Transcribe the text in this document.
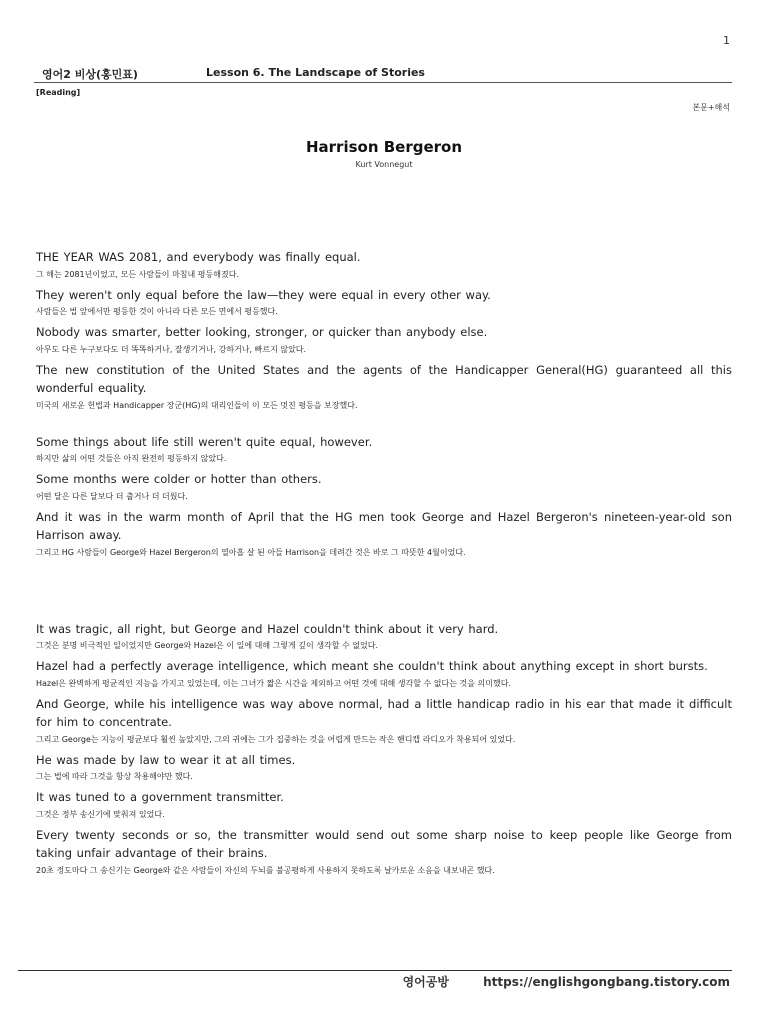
1
영어2 비상(홍민표)	Lesson 6. The Landscape of Stories
[Reading]
본문+해석
Harrison Bergeron
Kurt Vonnegut
THE YEAR WAS 2081, and everybody was finally equal.
그 해는 2081년이었고, 모든 사람들이 마침내 평등해졌다.
They weren't only equal before the law—they were equal in every other way.
사람들은 법 앞에서만 평등한 것이 아니라 다른 모든 면에서 평등했다.
Nobody was smarter, better looking, stronger, or quicker than anybody else.
아무도 다른 누구보다도 더 똑똑하거나, 잘생기거나, 강하거나, 빠르지 않았다.
The new constitution of the United States and the agents of the Handicapper General(HG) guaranteed all this wonderful equality.
미국의 새로운 헌법과 Handicapper 장군(HG)의 대리인들이 이 모든 멋진 평등을 보장했다.
Some things about life still weren't quite equal, however.
하지만 삶의 어떤 것들은 아직 완전히 평등하지 않았다.
Some months were colder or hotter than others.
어떤 달은 다른 달보다 더 춥거나 더 더웠다.
And it was in the warm month of April that the HG men took George and Hazel Bergeron's nineteen-year-old son Harrison away.
그리고 HG 사람들이 George와 Hazel Bergeron의 열아홉 살 된 아들 Harrison을 데려간 것은 바로 그 따뜻한 4월이었다.
It was tragic, all right, but George and Hazel couldn't think about it very hard.
그것은 분명 비극적인 일이었지만 George와 Hazel은 이 일에 대해 그렇게 깊이 생각할 수 없었다.
Hazel had a perfectly average intelligence, which meant she couldn't think about anything except in short bursts.
Hazel은 완벽하게 평균적인 지능을 가지고 있었는데, 이는 그녀가 짧은 시간을 제외하고 어떤 것에 대해 생각할 수 없다는 것을 의미했다.
And George, while his intelligence was way above normal, had a little handicap radio in his ear that made it difficult for him to concentrate.
그리고 George는 지능이 평균보다 훨씬 높았지만, 그의 귀에는 그가 집중하는 것을 어렵게 만드는 작은 핸디캡 라디오가 착용되어 있었다.
He was made by law to wear it at all times.
그는 법에 따라 그것을 항상 착용해야만 했다.
It was tuned to a government transmitter.
그것은 정부 송신기에 맞춰져 있었다.
Every twenty seconds or so, the transmitter would send out some sharp noise to keep people like George from taking unfair advantage of their brains.
20초 정도마다 그 송신기는 George와 같은 사람들이 자신의 두뇌를 불공평하게 사용하지 못하도록 날카로운 소음을 내보내곤 했다.
영어공방	https://englishgongbang.tistory.com
